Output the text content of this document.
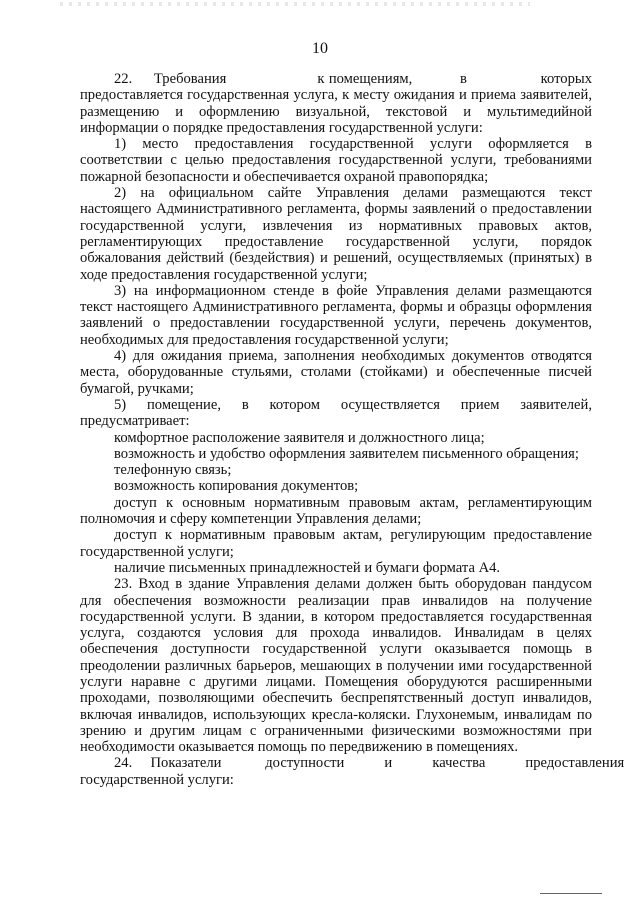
10

22.     Требования                     к помещениям,           в                 которых предоставляется государственная услуга, к месту ожидания и приема заявителей, размещению и оформлению визуальной, текстовой и мультимедийной информации о порядке предоставления государственной услуги:

1) место предоставления государственной услуги оформляется в соответствии с целью предоставления государственной услуги, требованиями пожарной безопасности и обеспечивается охраной правопорядка;

2) на официальном сайте Управления делами размещаются текст настоящего Административного регламента, формы заявлений о предоставлении государственной услуги, извлечения из нормативных правовых актов, регламентирующих предоставление государственной услуги, порядок обжалования действий (бездействия) и решений, осуществляемых (принятых) в ходе предоставления государственной услуги;

3) на информационном стенде в фойе Управления делами размещаются текст настоящего Административного регламента, формы и образцы оформления заявлений о предоставлении государственной услуги, перечень документов, необходимых для предоставления государственной услуги;

4) для ожидания приема, заполнения необходимых документов отводятся места, оборудованные стульями, столами (стойками) и обеспеченные писчей бумагой, ручками;

5) помещение, в котором осуществляется прием заявителей, предусматривает:

комфортное расположение заявителя и должностного лица;

возможность и удобство оформления заявителем письменного обращения;

телефонную связь;

возможность копирования документов;

доступ к основным нормативным правовым актам, регламентирующим полномочия и сферу компетенции Управления делами;

доступ к нормативным правовым актам, регулирующим предоставление государственной услуги;

наличие письменных принадлежностей и бумаги формата А4.

23. Вход в здание Управления делами должен быть оборудован пандусом для обеспечения возможности реализации прав инвалидов на получение государственной услуги. В здании, в котором предоставляется государственная услуга, создаются условия для прохода инвалидов. Инвалидам в целях обеспечения доступности государственной услуги оказывается помощь в преодолении различных барьеров, мешающих в получении ими государственной услуги наравне с другими лицами. Помещения оборудуются расширенными проходами, позволяющими обеспечить беспрепятственный доступ инвалидов, включая инвалидов, использующих кресла-коляски. Глухонемым, инвалидам по зрению и другим лицам с ограниченными физическими возможностями при необходимости оказывается помощь по передвижению в помещениях.

24.     Показатели            доступности           и           качества           предоставления государственной услуги:
